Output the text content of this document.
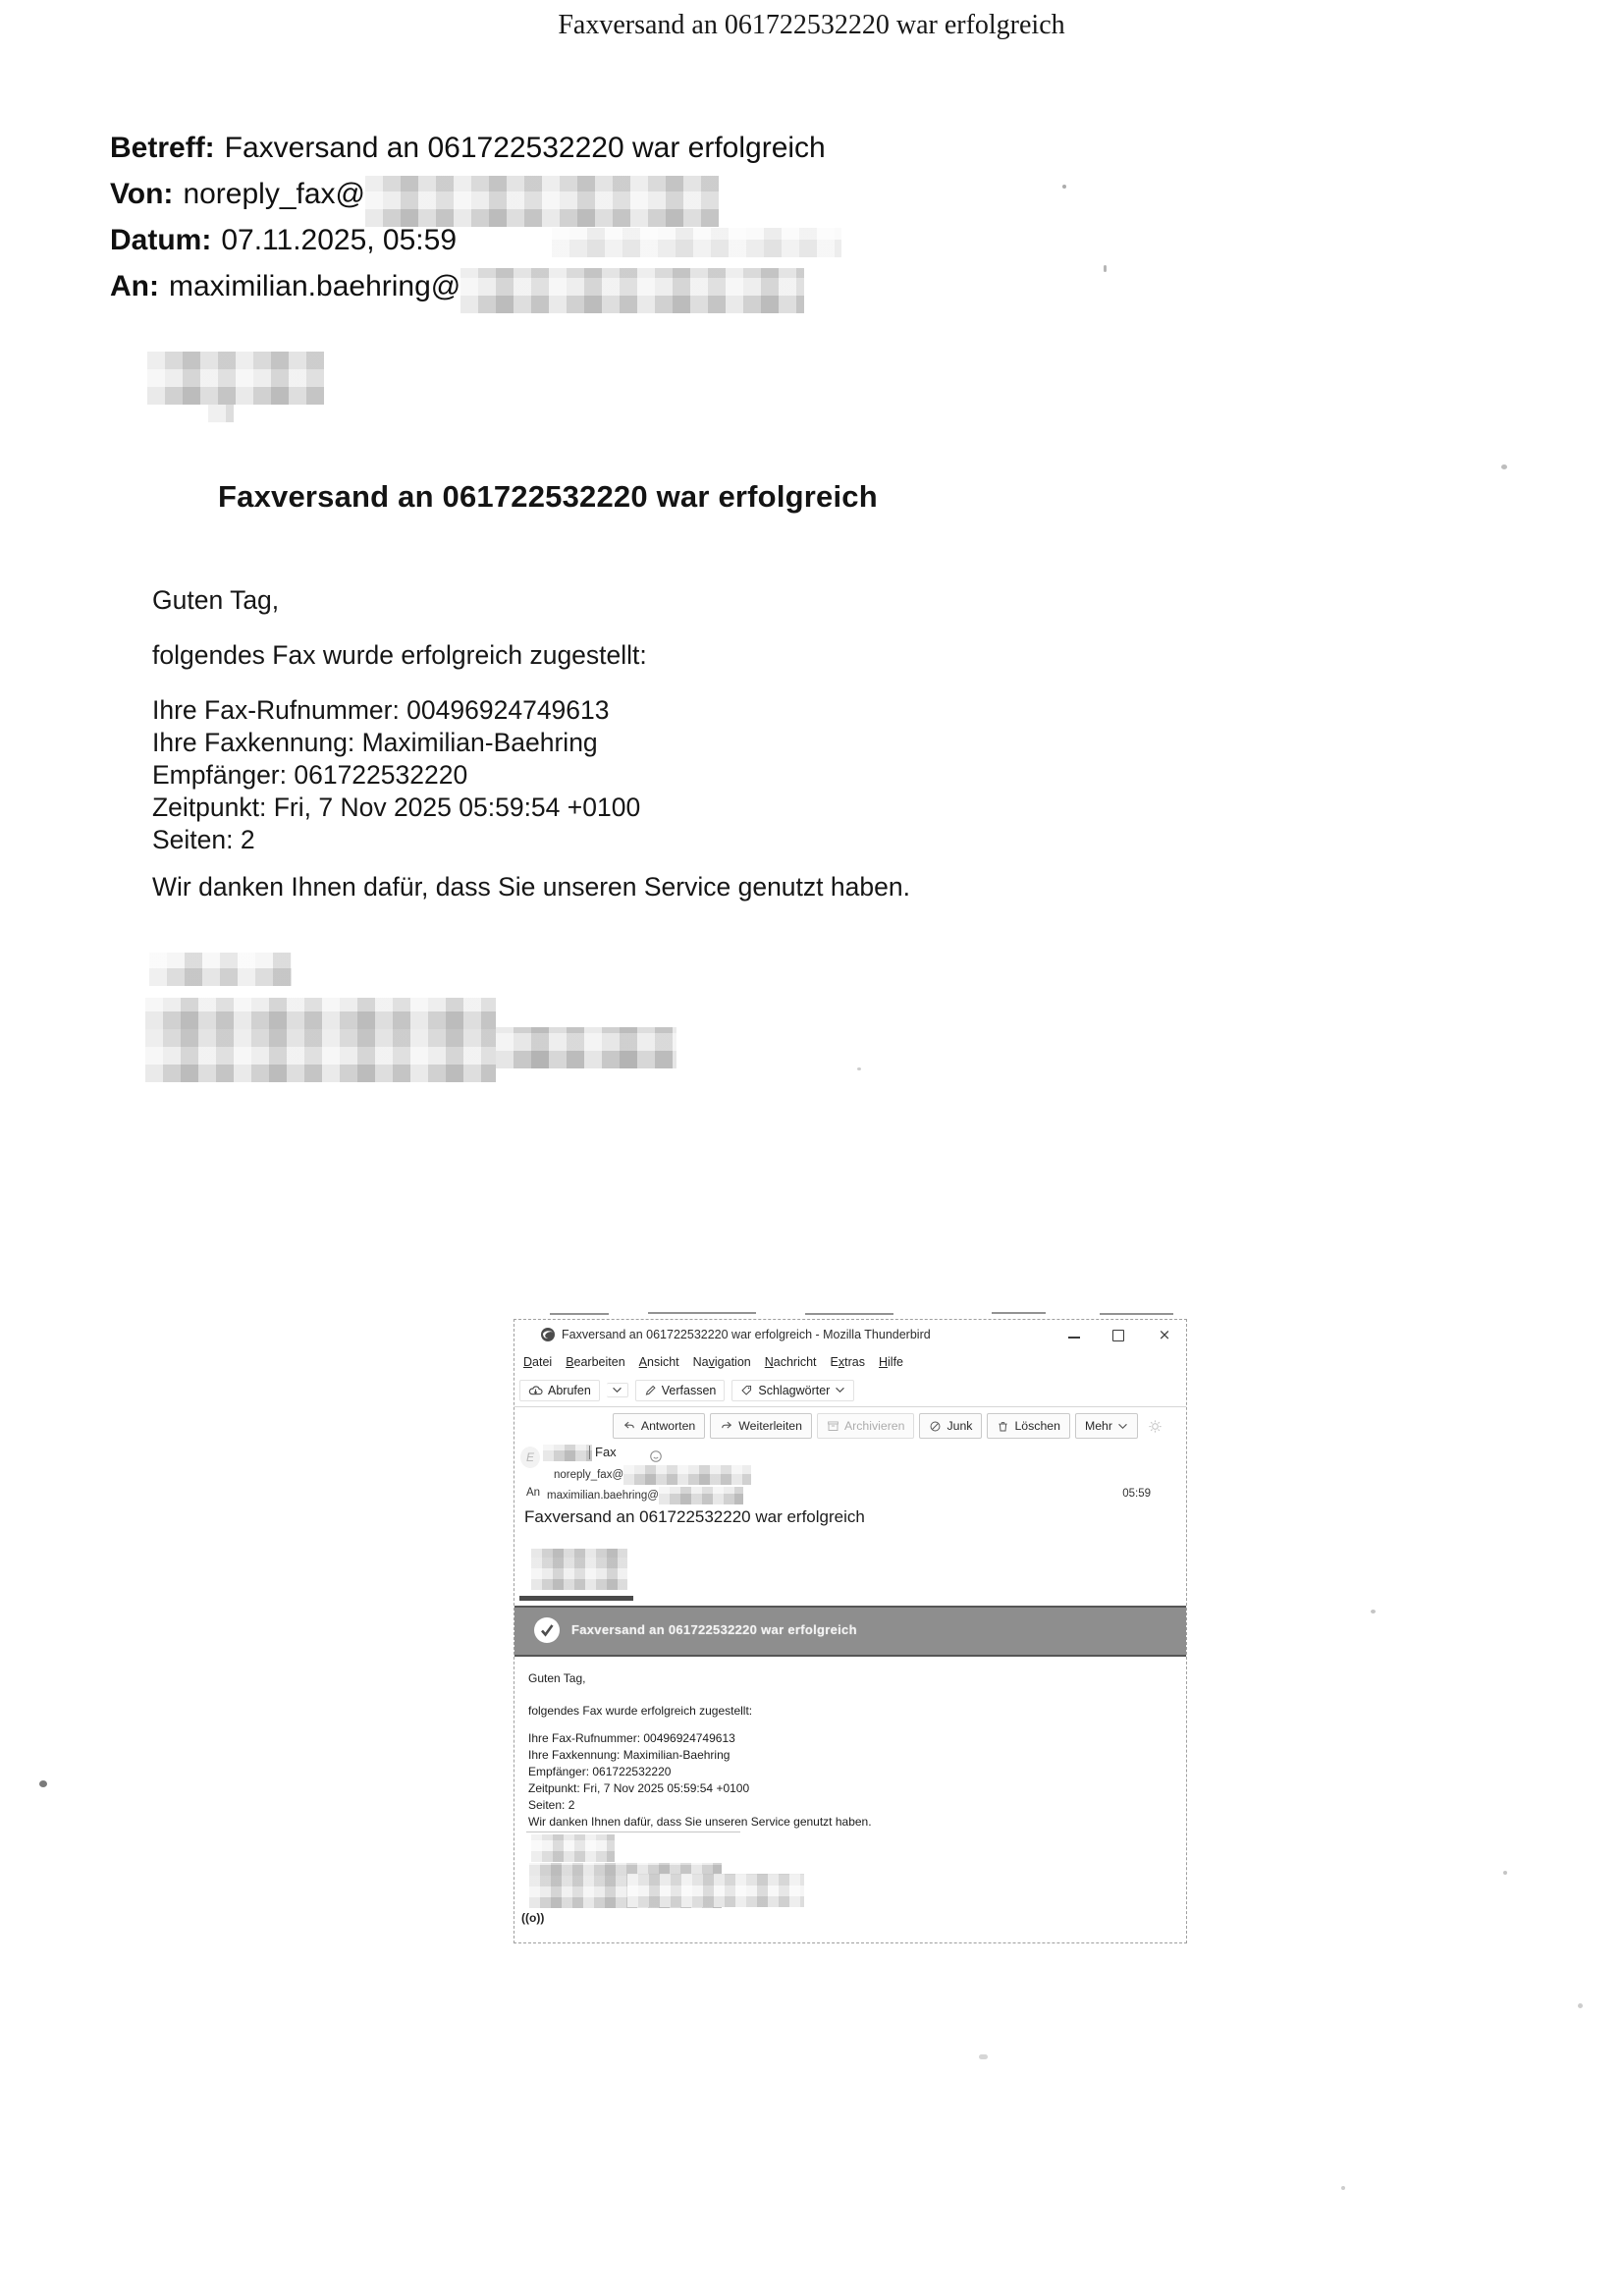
Faxversand an 061722532220 war erfolgreich
Betreff: Faxversand an 061722532220 war erfolgreich
Von: noreply_fax@
Datum: 07.11.2025, 05:59
An: maximilian.baehring@
Faxversand an 061722532220 war erfolgreich
Guten Tag,
folgendes Fax wurde erfolgreich zugestellt:
Ihre Fax-Rufnummer: 00496924749613
Ihre Faxkennung: Maximilian-Baehring
Empfänger: 061722532220
Zeitpunkt: Fri, 7 Nov 2025 05:59:54 +0100
Seiten: 2
Wir danken Ihnen dafür, dass Sie unseren Service genutzt haben.
Faxversand an 061722532220 war erfolgreich - Mozilla Thunderbird	×
Datei	Bearbeiten	Ansicht	Navigation	Nachricht	Extras	Hilfe
Abrufen	Verfassen	Schlagwörter
Antworten	Weiterleiten	Archivieren	Junk	Löschen Mehr
E	Fax
noreply_fax@
An maximilian.baehring@	05:59
Faxversand an 061722532220 war erfolgreich
Faxversand an 061722532220 war erfolgreich
Guten Tag,
folgendes Fax wurde erfolgreich zugestellt:
Ihre Fax-Rufnummer: 00496924749613
Ihre Faxkennung: Maximilian-Baehring
Empfänger: 061722532220
Zeitpunkt: Fri, 7 Nov 2025 05:59:54 +0100
Seiten: 2
Wir danken Ihnen dafür, dass Sie unseren Service genutzt haben.
((o))
